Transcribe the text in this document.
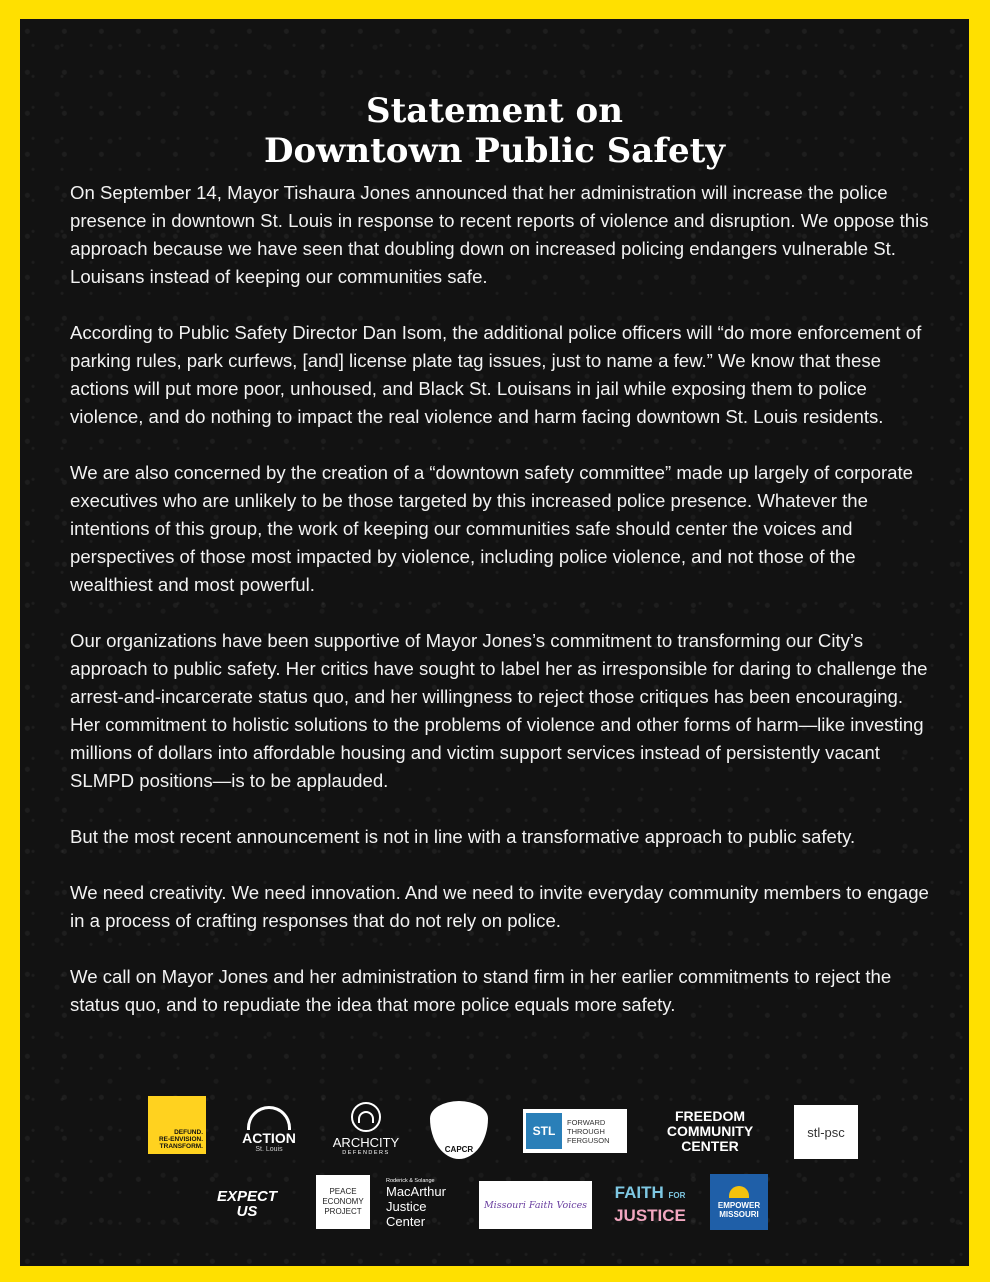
Statement on
Downtown Public Safety

On September 14, Mayor Tishaura Jones announced that her administration will increase the police presence in downtown St. Louis in response to recent reports of violence and disruption. We oppose this approach because we have seen that doubling down on increased policing endangers vulnerable St. Louisans instead of keeping our communities safe.

According to Public Safety Director Dan Isom, the additional police officers will “do more enforcement of parking rules, park curfews, [and] license plate tag issues, just to name a few.” We know that these actions will put more poor, unhoused, and Black St. Louisans in jail while exposing them to police violence, and do nothing to impact the real violence and harm facing downtown St. Louis residents.

We are also concerned by the creation of a “downtown safety committee” made up largely of corporate executives who are unlikely to be those targeted by this increased police presence. Whatever the intentions of this group, the work of keeping our communities safe should center the voices and perspectives of those most impacted by violence, including police violence, and not those of the wealthiest and most powerful.

Our organizations have been supportive of Mayor Jones’s commitment to transforming our City’s approach to public safety. Her critics have sought to label her as irresponsible for daring to challenge the arrest-and-incarcerate status quo, and her willingness to reject those critiques has been encouraging. Her commitment to holistic solutions to the problems of violence and other forms of harm—like investing millions of dollars into affordable housing and victim support services instead of persistently vacant SLMPD positions—is to be applauded.

But the most recent announcement is not in line with a transformative approach to public safety.

We need creativity. We need innovation. And we need to invite everyday community members to engage in a process of crafting responses that do not rely on police.

We call on Mayor Jones and her administration to stand firm in her earlier commitments to reject the status quo, and to repudiate the idea that more police equals more safety.

DEFUND.
RE-ENVISION.
TRANSFORM.
ACTION
St. Louis	ARCHCITY
DEFENDERS	CAPCR
STL
FORWARD
THROUGH
FERGUSON
FREEDOM
COMMUNITY
CENTER
stl-psc
EXPECT
US
PEACE
ECONOMY
PROJECT
Roderick & Solange
MacArthur
Justice
Center
Missouri Faith Voices
FAITH FOR
JUSTICE
EMPOWER
MISSOURI
